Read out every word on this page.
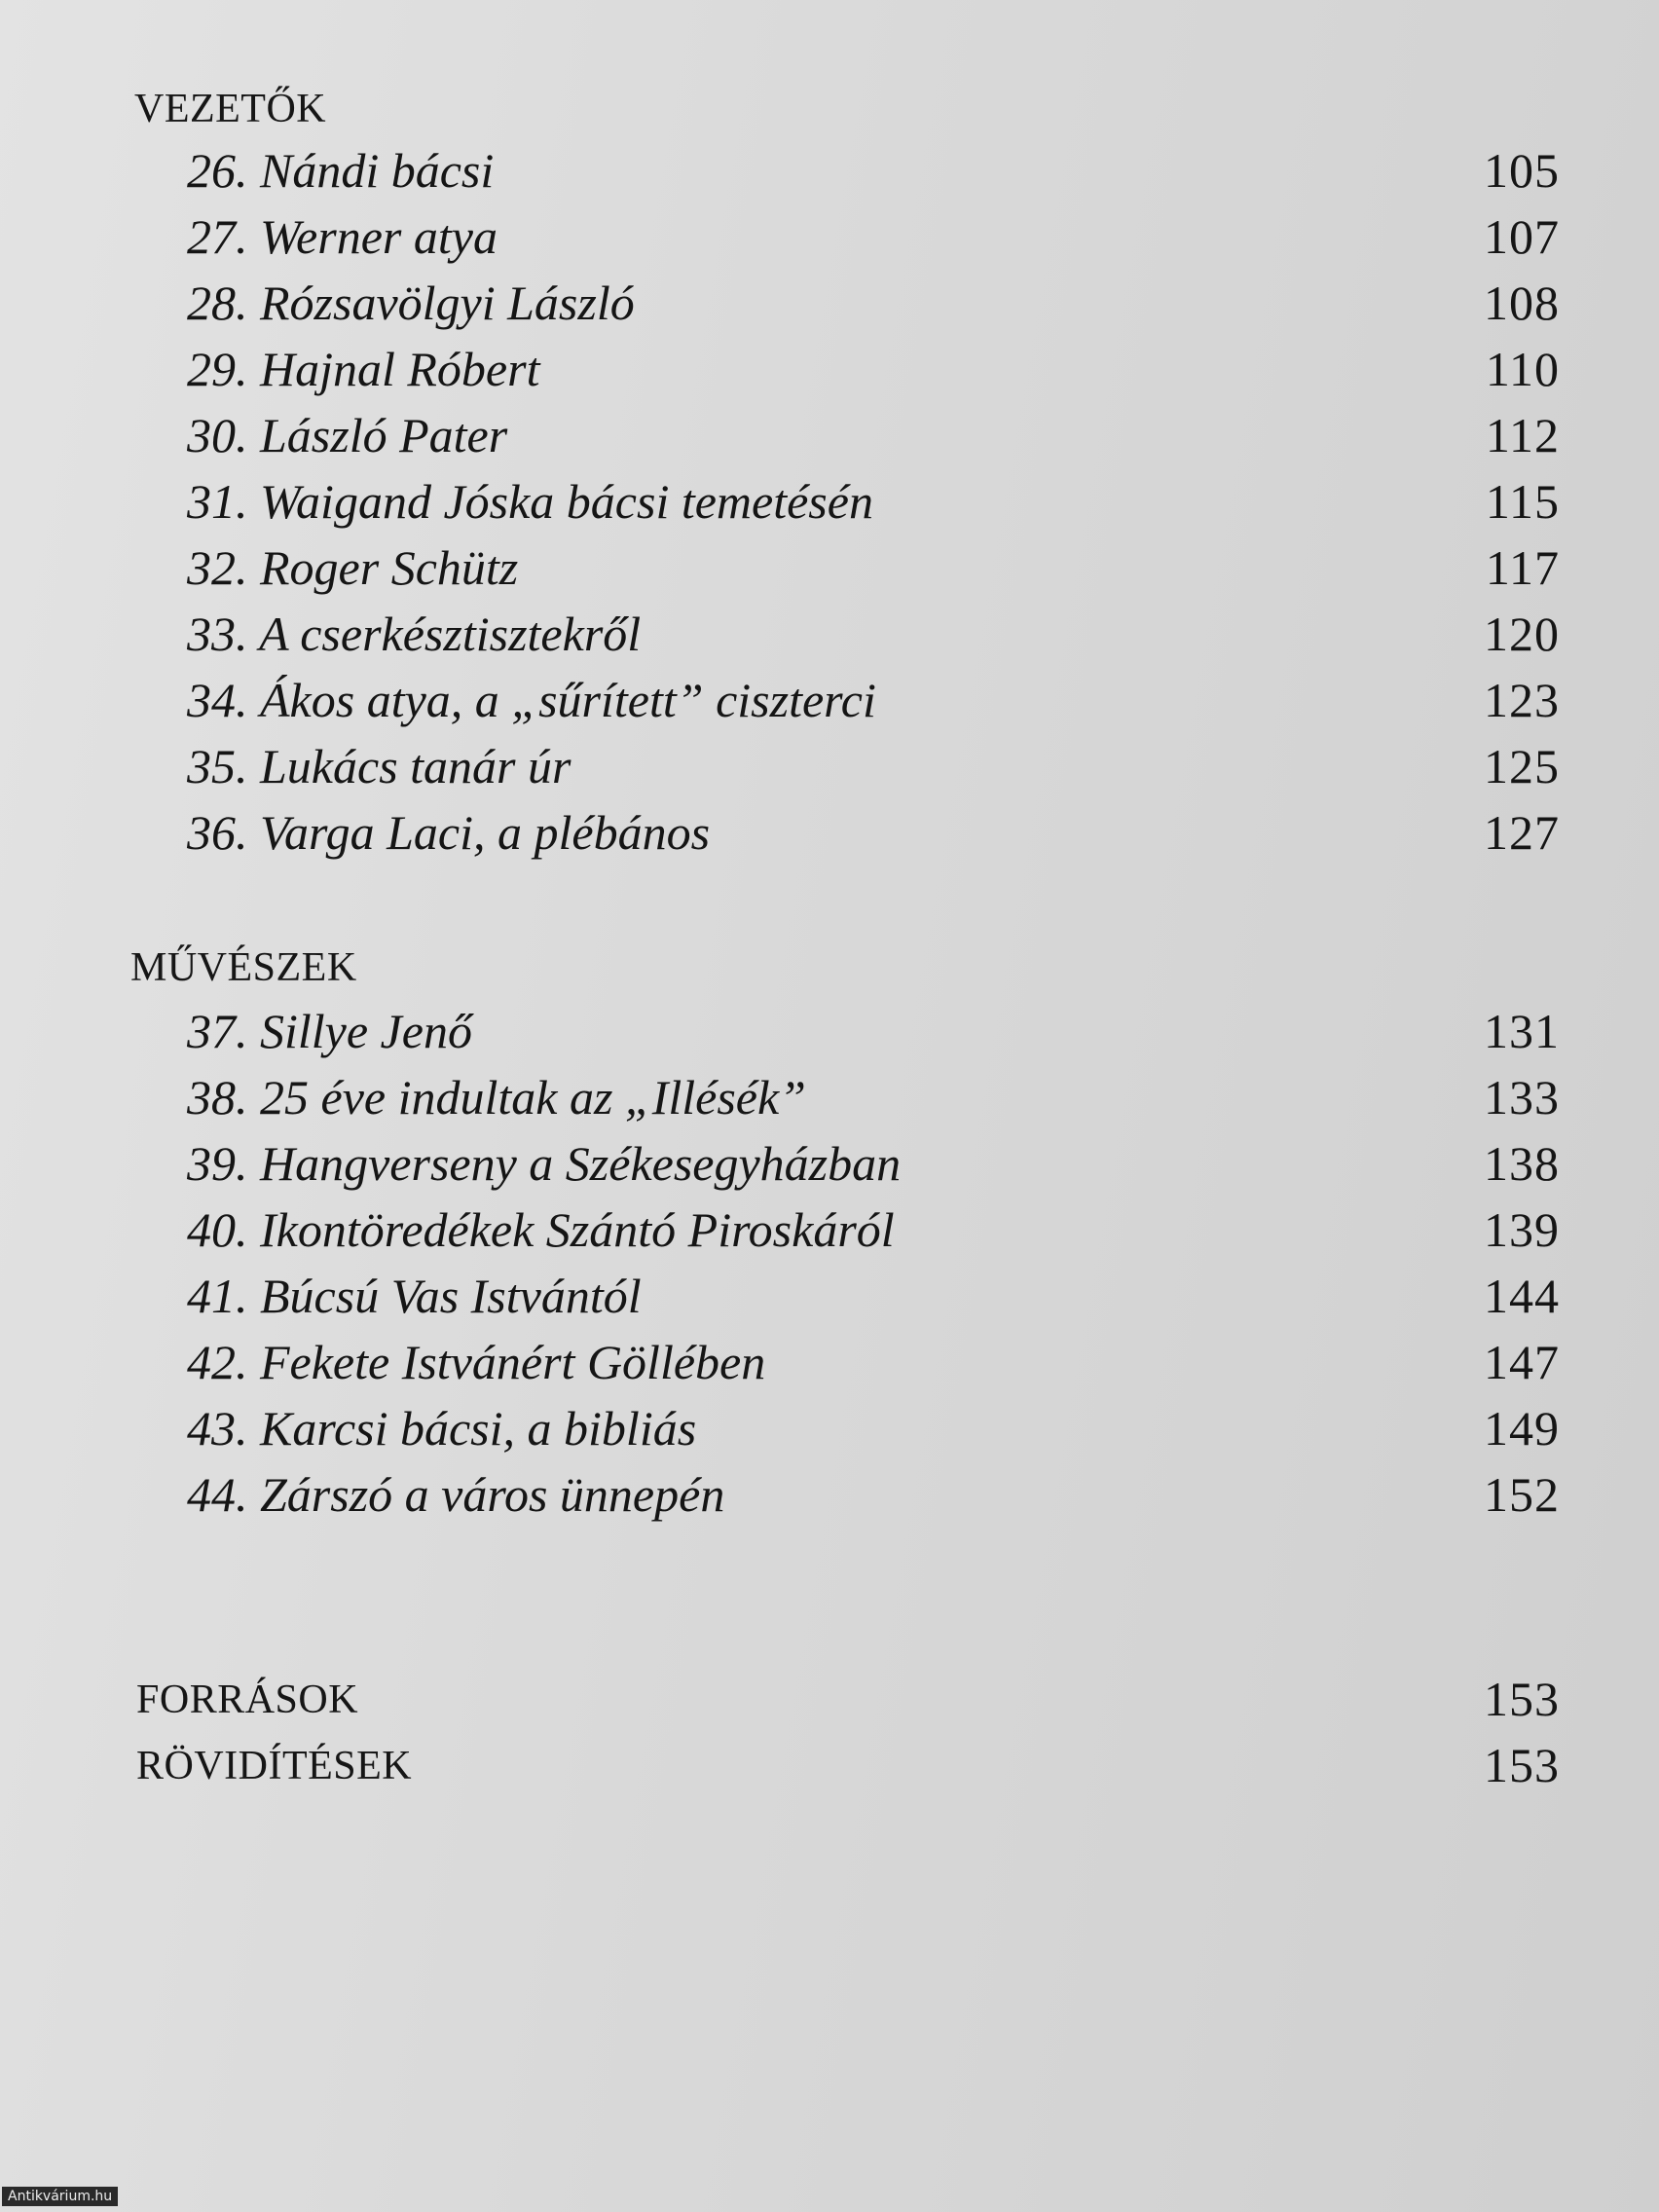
VEZETŐK
26. Nándi bácsi	105
27. Werner atya	107
28. Rózsavölgyi László	108
29. Hajnal Róbert	110
30. László Pater	112
31. Waigand Jóska bácsi temetésén	115
32. Roger Schütz	117
33. A cserkésztisztekről	120
34. Ákos atya, a „sűrített” ciszterci	123
35. Lukács tanár úr	125
36. Varga Laci, a plébános	127
MŰVÉSZEK
37. Sillye Jenő	131
38. 25 éve indultak az „Illésék”	133
39. Hangverseny a Székesegyházban	138
40. Ikontöredékek Szántó Piroskáról	139
41. Búcsú Vas Istvántól	144
42. Fekete Istvánért Göllében	147
43. Karcsi bácsi, a bibliás	149
44. Zárszó a város ünnepén	152
FORRÁSOK	153
RÖVIDÍTÉSEK	153
Antikvárium.hu
